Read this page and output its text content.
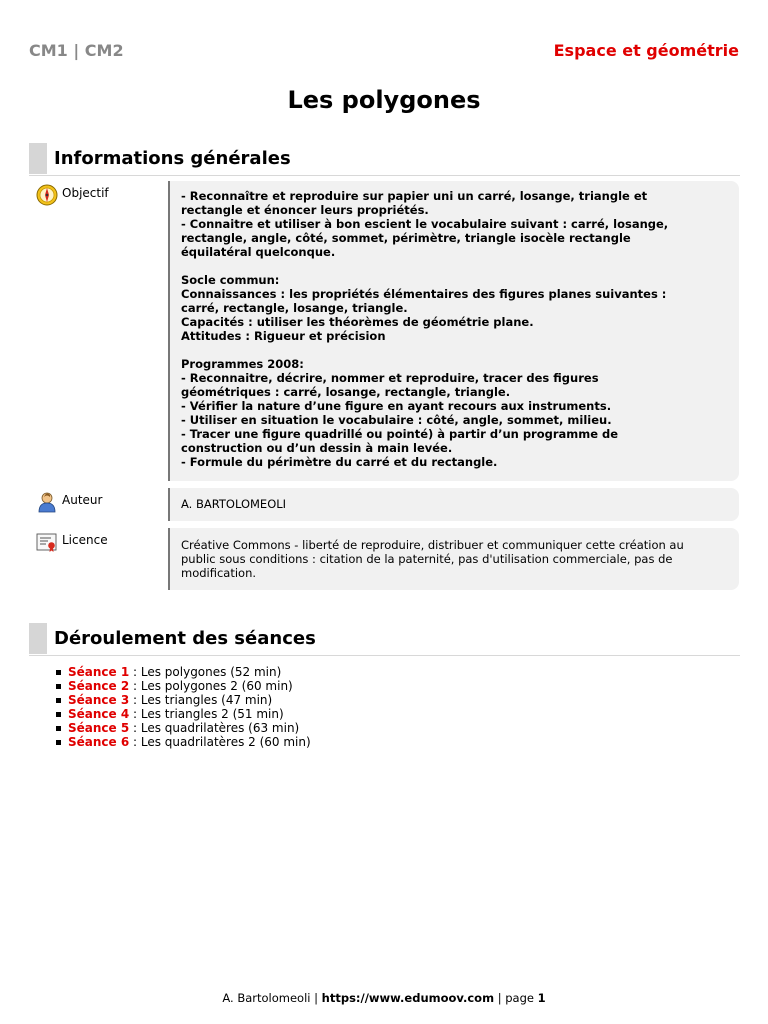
CM1 | CM2	Espace et géométrie
Les polygones
Informations générales
Objectif	- Reconnaître et reproduire sur papier uni un carré, losange, triangle et
rectangle et énoncer leurs propriétés.
- Connaitre et utiliser à bon escient le vocabulaire suivant : carré, losange,
rectangle, angle, côté, sommet, périmètre, triangle isocèle rectangle
équilatéral quelconque.

Socle commun:
Connaissances : les propriétés élémentaires des figures planes suivantes :
carré, rectangle, losange, triangle.
Capacités : utiliser les théorèmes de géométrie plane.
Attitudes : Rigueur et précision

Programmes 2008:
- Reconnaitre, décrire, nommer et reproduire, tracer des figures
géométriques : carré, losange, rectangle, triangle.
- Vérifier la nature d’une figure en ayant recours aux instruments.
- Utiliser en situation le vocabulaire : côté, angle, sommet, milieu.
- Tracer une figure quadrillé ou pointé) à partir d’un programme de
construction ou d’un dessin à main levée.
- Formule du périmètre du carré et du rectangle.

Auteur	A. BARTOLOMEOLI

Licence	Créative Commons - liberté de reproduire, distribuer et communiquer cette création au
public sous conditions : citation de la paternité, pas d'utilisation commerciale, pas de
modification.

Déroulement des séances
Séance 1 : Les polygones (52 min)
Séance 2 : Les polygones 2 (60 min)
Séance 3 : Les triangles (47 min)
Séance 4 : Les triangles 2 (51 min)
Séance 5 : Les quadrilatères (63 min)
Séance 6 : Les quadrilatères 2 (60 min)
A. Bartolomeoli | https://www.edumoov.com | page 1
